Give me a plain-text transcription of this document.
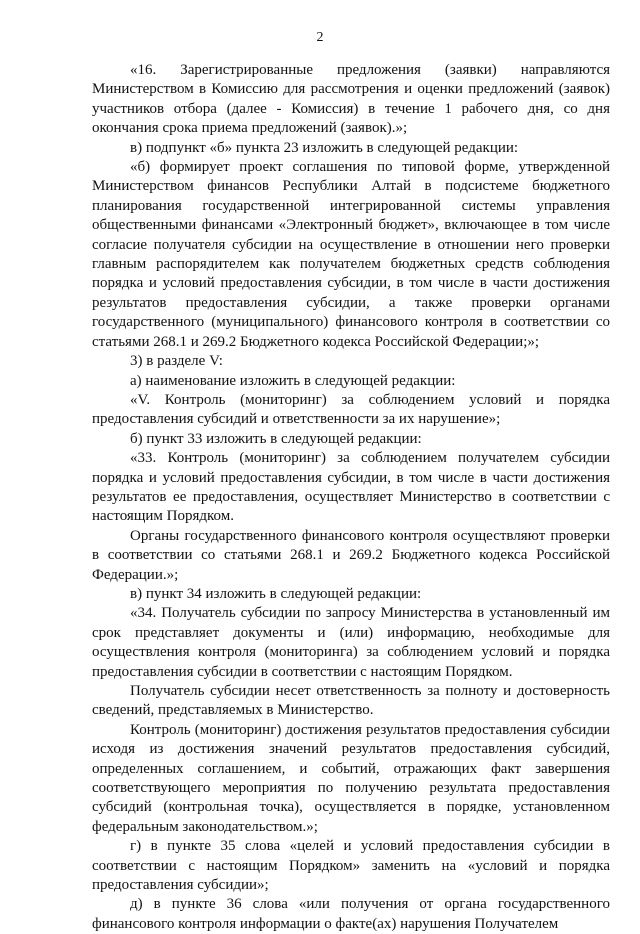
2

«16. Зарегистрированные предложения (заявки) направляются Министерством в Комиссию для рассмотрения и оценки предложений (заявок) участников отбора (далее - Комиссия) в течение 1 рабочего дня, со дня окончания срока приема предложений (заявок).»;

в) подпункт «б» пункта 23 изложить в следующей редакции:

«б) формирует проект соглашения по типовой форме, утвержденной Министерством финансов Республики Алтай в подсистеме бюджетного планирования государственной интегрированной системы управления общественными финансами «Электронный бюджет», включающее в том числе согласие получателя субсидии на осуществление в отношении него проверки главным распорядителем как получателем бюджетных средств соблюдения порядка и условий предоставления субсидии, в том числе в части достижения результатов предоставления субсидии, а также проверки органами государственного (муниципального) финансового контроля в соответствии со статьями 268.1 и 269.2 Бюджетного кодекса Российской Федерации;»;

3) в разделе V:

а) наименование изложить в следующей редакции:

«V. Контроль (мониторинг) за соблюдением условий и порядка предоставления субсидий и ответственности за их нарушение»;

б) пункт 33 изложить в следующей редакции:

«33. Контроль (мониторинг) за соблюдением получателем субсидии порядка и условий предоставления субсидии, в том числе в части достижения результатов ее предоставления, осуществляет Министерство в соответствии с настоящим Порядком.

Органы государственного финансового контроля осуществляют проверки в соответствии со статьями 268.1 и 269.2 Бюджетного кодекса Российской Федерации.»;

в) пункт 34 изложить в следующей редакции:

«34. Получатель субсидии по запросу Министерства в установленный им срок представляет документы и (или) информацию, необходимые для осуществления контроля (мониторинга) за соблюдением условий и порядка предоставления субсидии в соответствии с настоящим Порядком.

Получатель субсидии несет ответственность за полноту и достоверность сведений, представляемых в Министерство.

Контроль (мониторинг) достижения результатов предоставления субсидии исходя из достижения значений результатов предоставления субсидий, определенных соглашением, и событий, отражающих факт завершения соответствующего мероприятия по получению результата предоставления субсидий (контрольная точка), осуществляется в порядке, установленном федеральным законодательством.»;

г) в пункте 35 слова «целей и условий предоставления субсидии в соответствии с настоящим Порядком» заменить на «условий и порядка предоставления субсидии»;

д) в пункте 36 слова «или получения от органа государственного финансового контроля информации о факте(ах) нарушения Получателем
